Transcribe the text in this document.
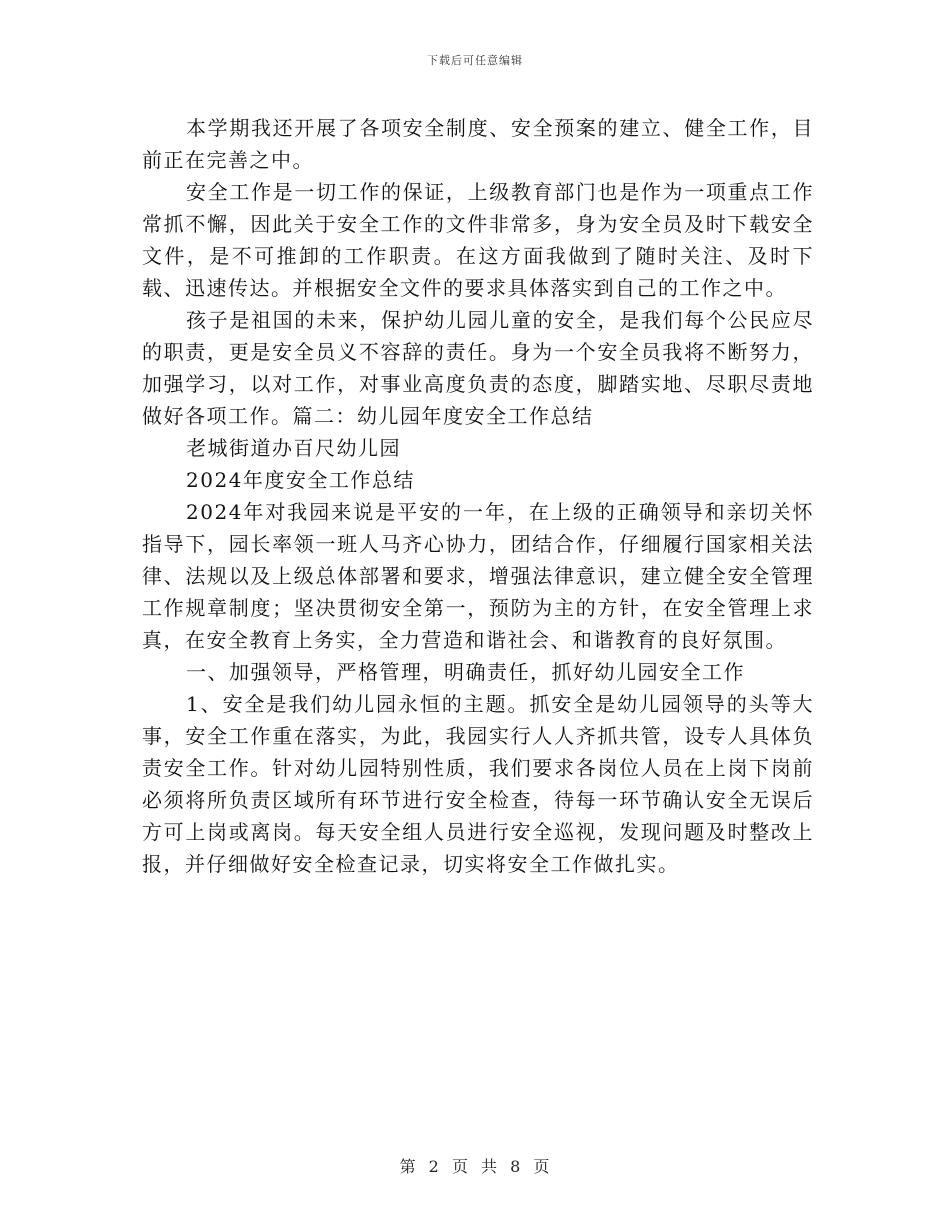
下载后可任意编辑

本学期我还开展了各项安全制度、安全预案的建立、健全工作，目前正在完善之中。

安全工作是一切工作的保证，上级教育部门也是作为一项重点工作常抓不懈，因此关于安全工作的文件非常多，身为安全员及时下载安全文件，是不可推卸的工作职责。在这方面我做到了随时关注、及时下载、迅速传达。并根据安全文件的要求具体落实到自己的工作之中。

孩子是祖国的未来，保护幼儿园儿童的安全，是我们每个公民应尽的职责，更是安全员义不容辞的责任。身为一个安全员我将不断努力，加强学习，以对工作，对事业高度负责的态度，脚踏实地、尽职尽责地做好各项工作。篇二：幼儿园年度安全工作总结

老城街道办百尺幼儿园

2024年度安全工作总结

2024年对我园来说是平安的一年，在上级的正确领导和亲切关怀指导下，园长率领一班人马齐心协力，团结合作，仔细履行国家相关法律、法规以及上级总体部署和要求，增强法律意识，建立健全安全管理工作规章制度；坚决贯彻安全第一，预防为主的方针，在安全管理上求真，在安全教育上务实，全力营造和谐社会、和谐教育的良好氛围。

一、加强领导，严格管理，明确责任，抓好幼儿园安全工作

1、安全是我们幼儿园永恒的主题。抓安全是幼儿园领导的头等大事，安全工作重在落实，为此，我园实行人人齐抓共管，设专人具体负责安全工作。针对幼儿园特别性质，我们要求各岗位人员在上岗下岗前必须将所负责区域所有环节进行安全检查，待每一环节确认安全无误后方可上岗或离岗。每天安全组人员进行安全巡视，发现问题及时整改上报，并仔细做好安全检查记录，切实将安全工作做扎实。

第 2 页 共 8 页
